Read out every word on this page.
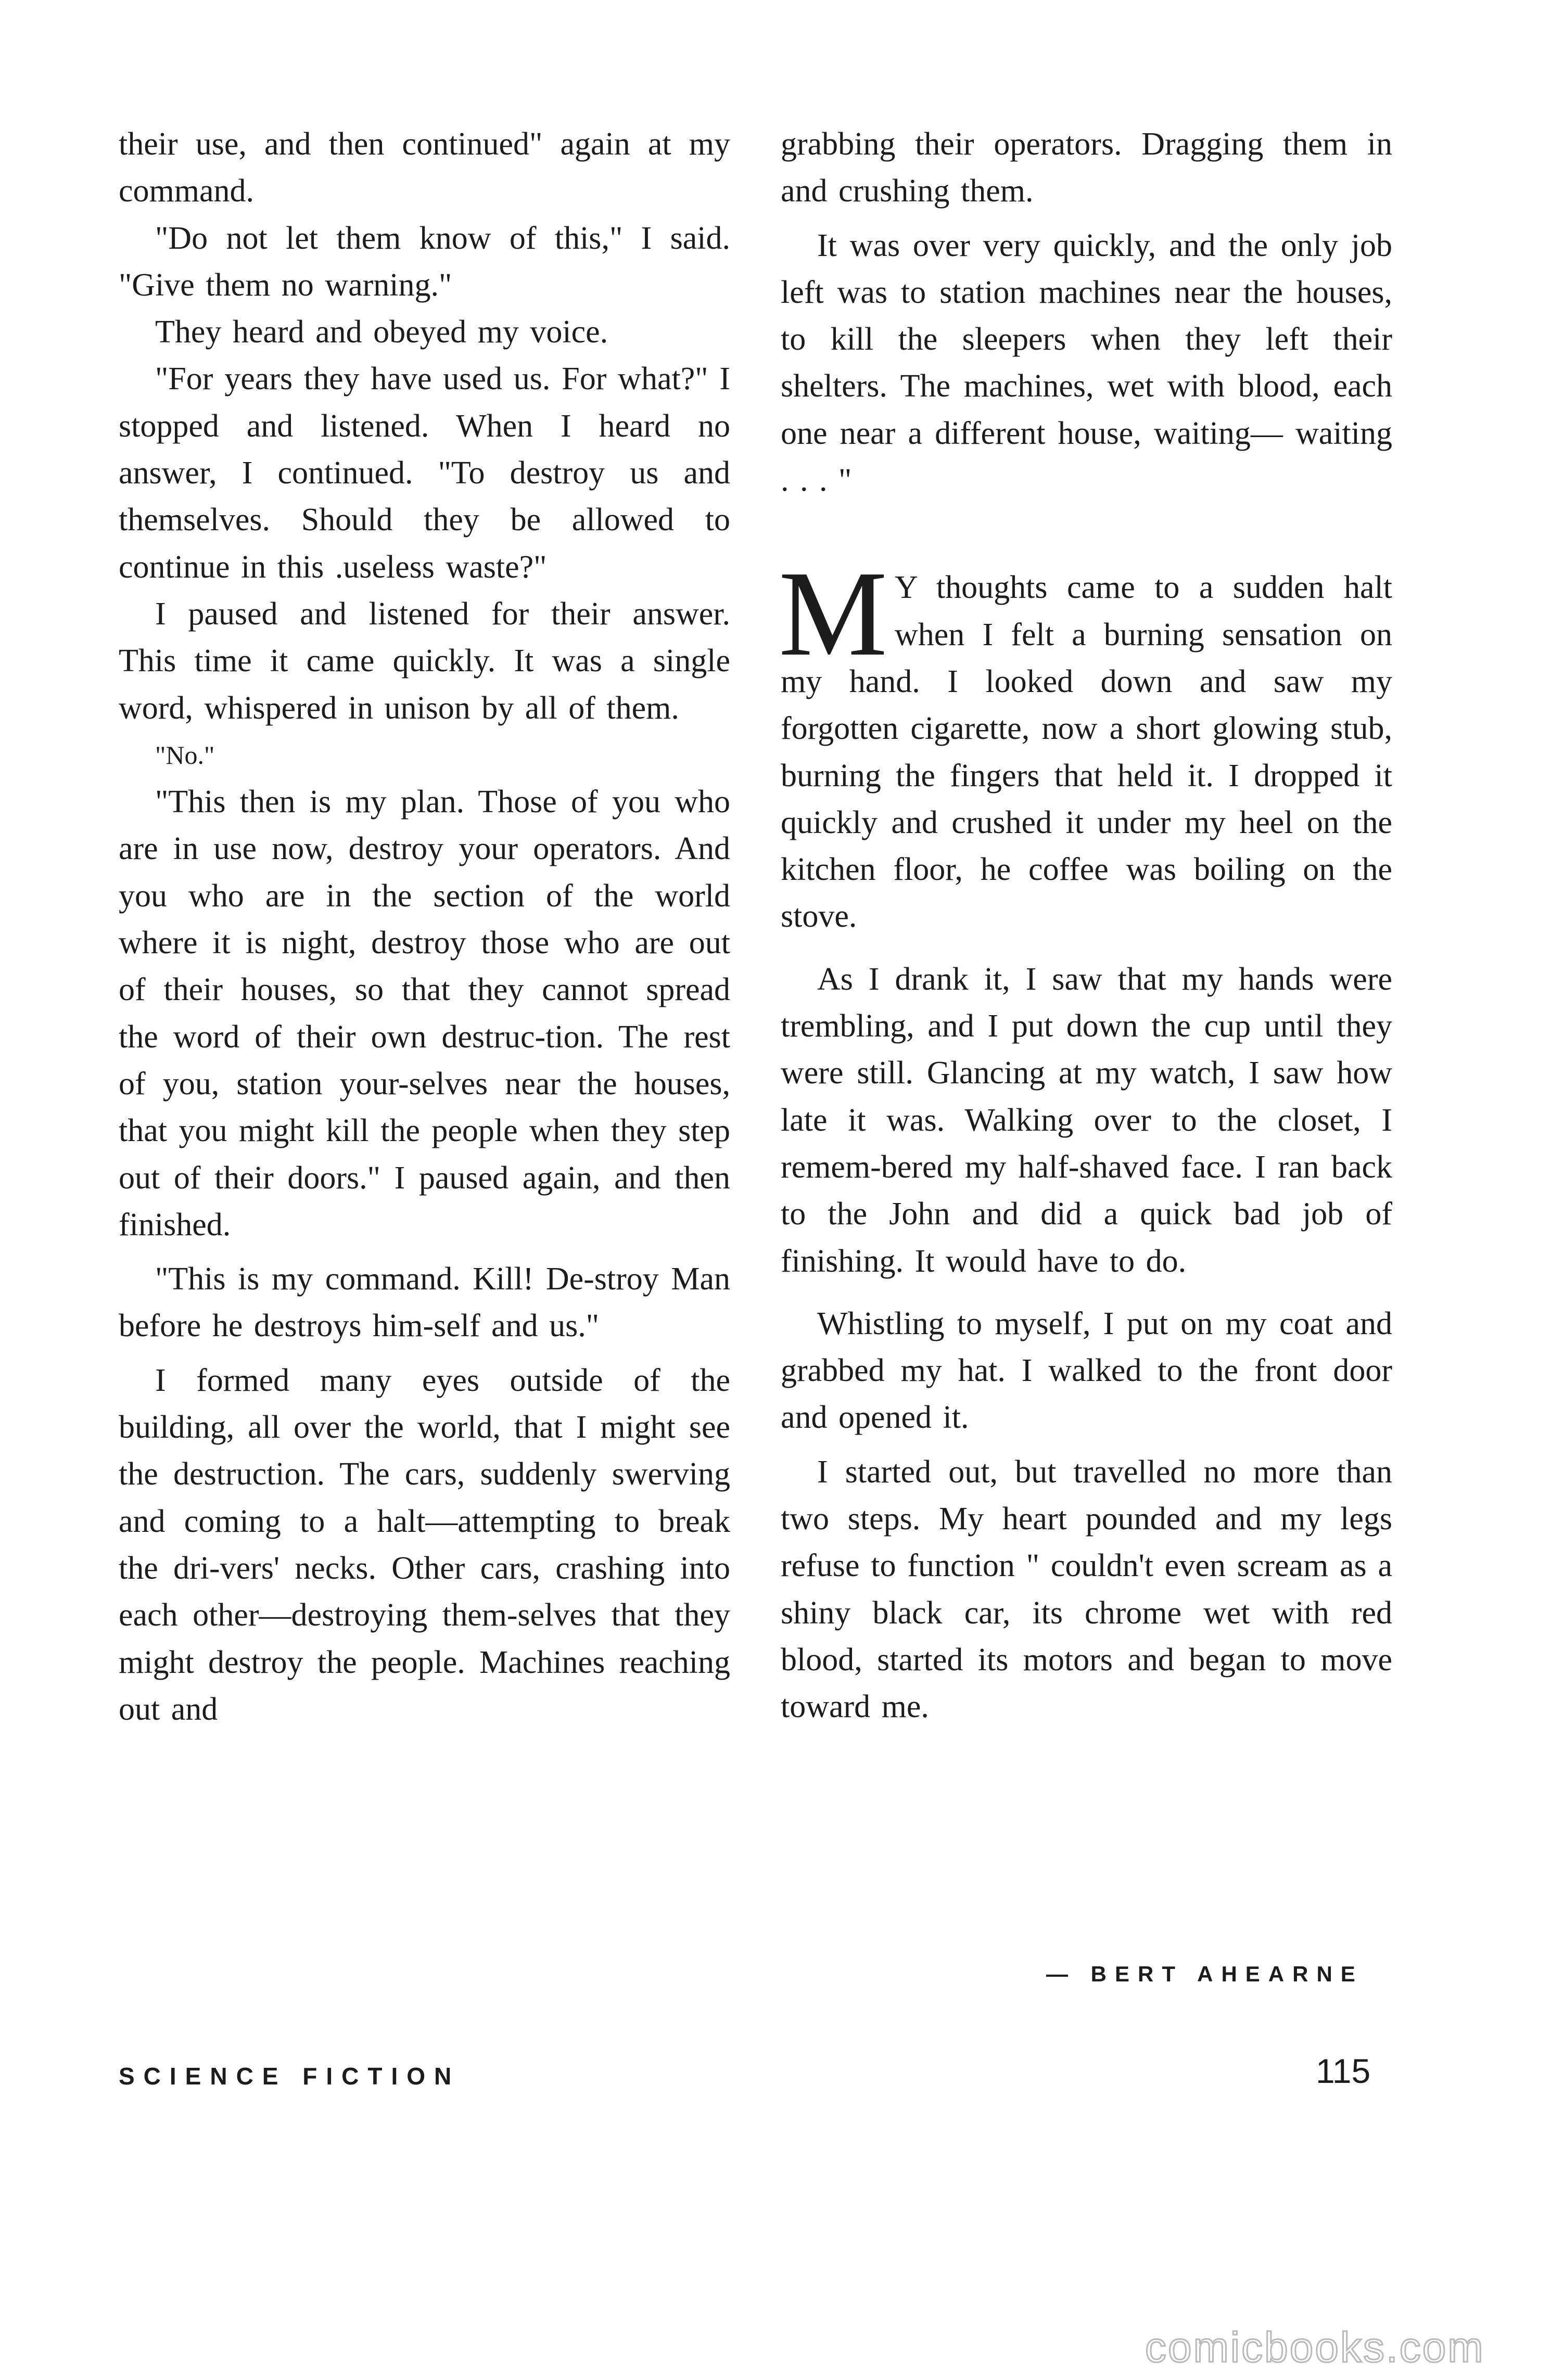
their use, and then continued" again at my command.

"Do not let them know of this," I said. "Give them no warning."

They heard and obeyed my voice.

"For years they have used us. For what?" I stopped and listened. When I heard no answer, I continued. "To destroy us and themselves. Should they be allowed to continue in this .useless waste?"

I paused and listened for their answer. This time it came quickly. It was a single word, whispered in unison by all of them.

"No."

"This then is my plan. Those of you who are in use now, destroy your operators. And you who are in the section of the world where it is night, destroy those who are out of their houses, so that they cannot spread the word of their own destruc-tion. The rest of you, station your-selves near the houses, that you might kill the people when they step out of their doors." I paused again, and then finished.

"This is my command. Kill! De-stroy Man before he destroys him-self and us."

I formed many eyes outside of the building, all over the world, that I might see the destruction. The cars, suddenly swerving and coming to a halt—attempting to break the dri-vers' necks. Other cars, crashing into each other—destroying them-selves that they might destroy the people. Machines reaching out and

grabbing their operators. Dragging them in and crushing them.

It was over very quickly, and the only job left was to station machines near the houses, to kill the sleepers when they left their shelters. The machines, wet with blood, each one near a different house, waiting— waiting . . . "

M Y thoughts came to a sudden halt when I felt a burning sensation on my hand. I looked down and saw my forgotten cigarette, now a short glowing stub, burning the fingers that held it. I dropped it quickly and crushed it under my heel on the kitchen floor, he coffee was boiling on the stove.

As I drank it, I saw that my hands were trembling, and I put down the cup until they were still. Glancing at my watch, I saw how late it was. Walking over to the closet, I remem-bered my half-shaved face. I ran back to the John and did a quick bad job of finishing. It would have to do.

Whistling to myself, I put on my coat and grabbed my hat. I walked to the front door and opened it.

I started out, but travelled no more than two steps. My heart pounded and my legs refuse to function " couldn't even scream as a shiny black car, its chrome wet with red blood, started its motors and began to move toward me.

— BERT AHEARNE
SCIENCE FICTION	115
comicbooks.com
